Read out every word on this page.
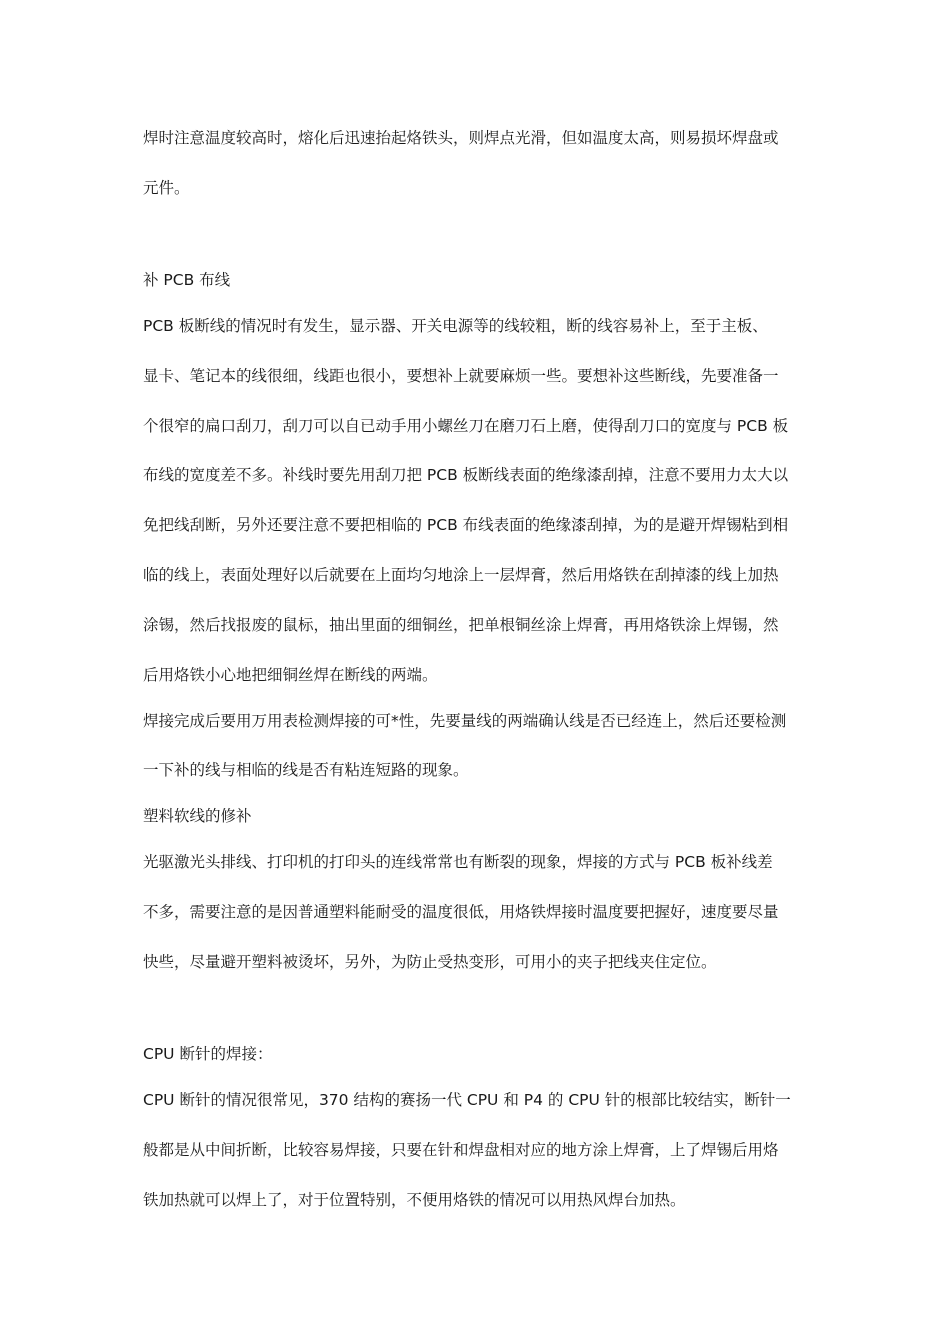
焊时注意温度较高时，熔化后迅速抬起烙铁头，则焊点光滑，但如温度太高，则易损坏焊盘或
元件。
补 PCB 布线
PCB 板断线的情况时有发生，显示器、开关电源等的线较粗，断的线容易补上，至于主板、
显卡、笔记本的线很细，线距也很小，要想补上就要麻烦一些。要想补这些断线，先要准备一
个很窄的扁口刮刀，刮刀可以自已动手用小螺丝刀在磨刀石上磨，使得刮刀口的宽度与 PCB 板
布线的宽度差不多。补线时要先用刮刀把 PCB 板断线表面的绝缘漆刮掉，注意不要用力太大以
免把线刮断，另外还要注意不要把相临的 PCB 布线表面的绝缘漆刮掉，为的是避开焊锡粘到相
临的线上，表面处理好以后就要在上面均匀地涂上一层焊膏，然后用烙铁在刮掉漆的线上加热
涂锡，然后找报废的鼠标，抽出里面的细铜丝，把单根铜丝涂上焊膏，再用烙铁涂上焊锡，然
后用烙铁小心地把细铜丝焊在断线的两端。
焊接完成后要用万用表检测焊接的可*性，先要量线的两端确认线是否已经连上，然后还要检测
一下补的线与相临的线是否有粘连短路的现象。
塑料软线的修补
光驱激光头排线、打印机的打印头的连线常常也有断裂的现象，焊接的方式与 PCB 板补线差
不多，需要注意的是因普通塑料能耐受的温度很低，用烙铁焊接时温度要把握好，速度要尽量
快些，尽量避开塑料被烫坏，另外，为防止受热变形，可用小的夹子把线夹住定位。
CPU 断针的焊接：
CPU 断针的情况很常见，370 结构的赛扬一代 CPU 和 P4 的 CPU 针的根部比较结实，断针一
般都是从中间折断，比较容易焊接，只要在针和焊盘相对应的地方涂上焊膏，上了焊锡后用烙
铁加热就可以焊上了，对于位置特别，不便用烙铁的情况可以用热风焊台加热。
